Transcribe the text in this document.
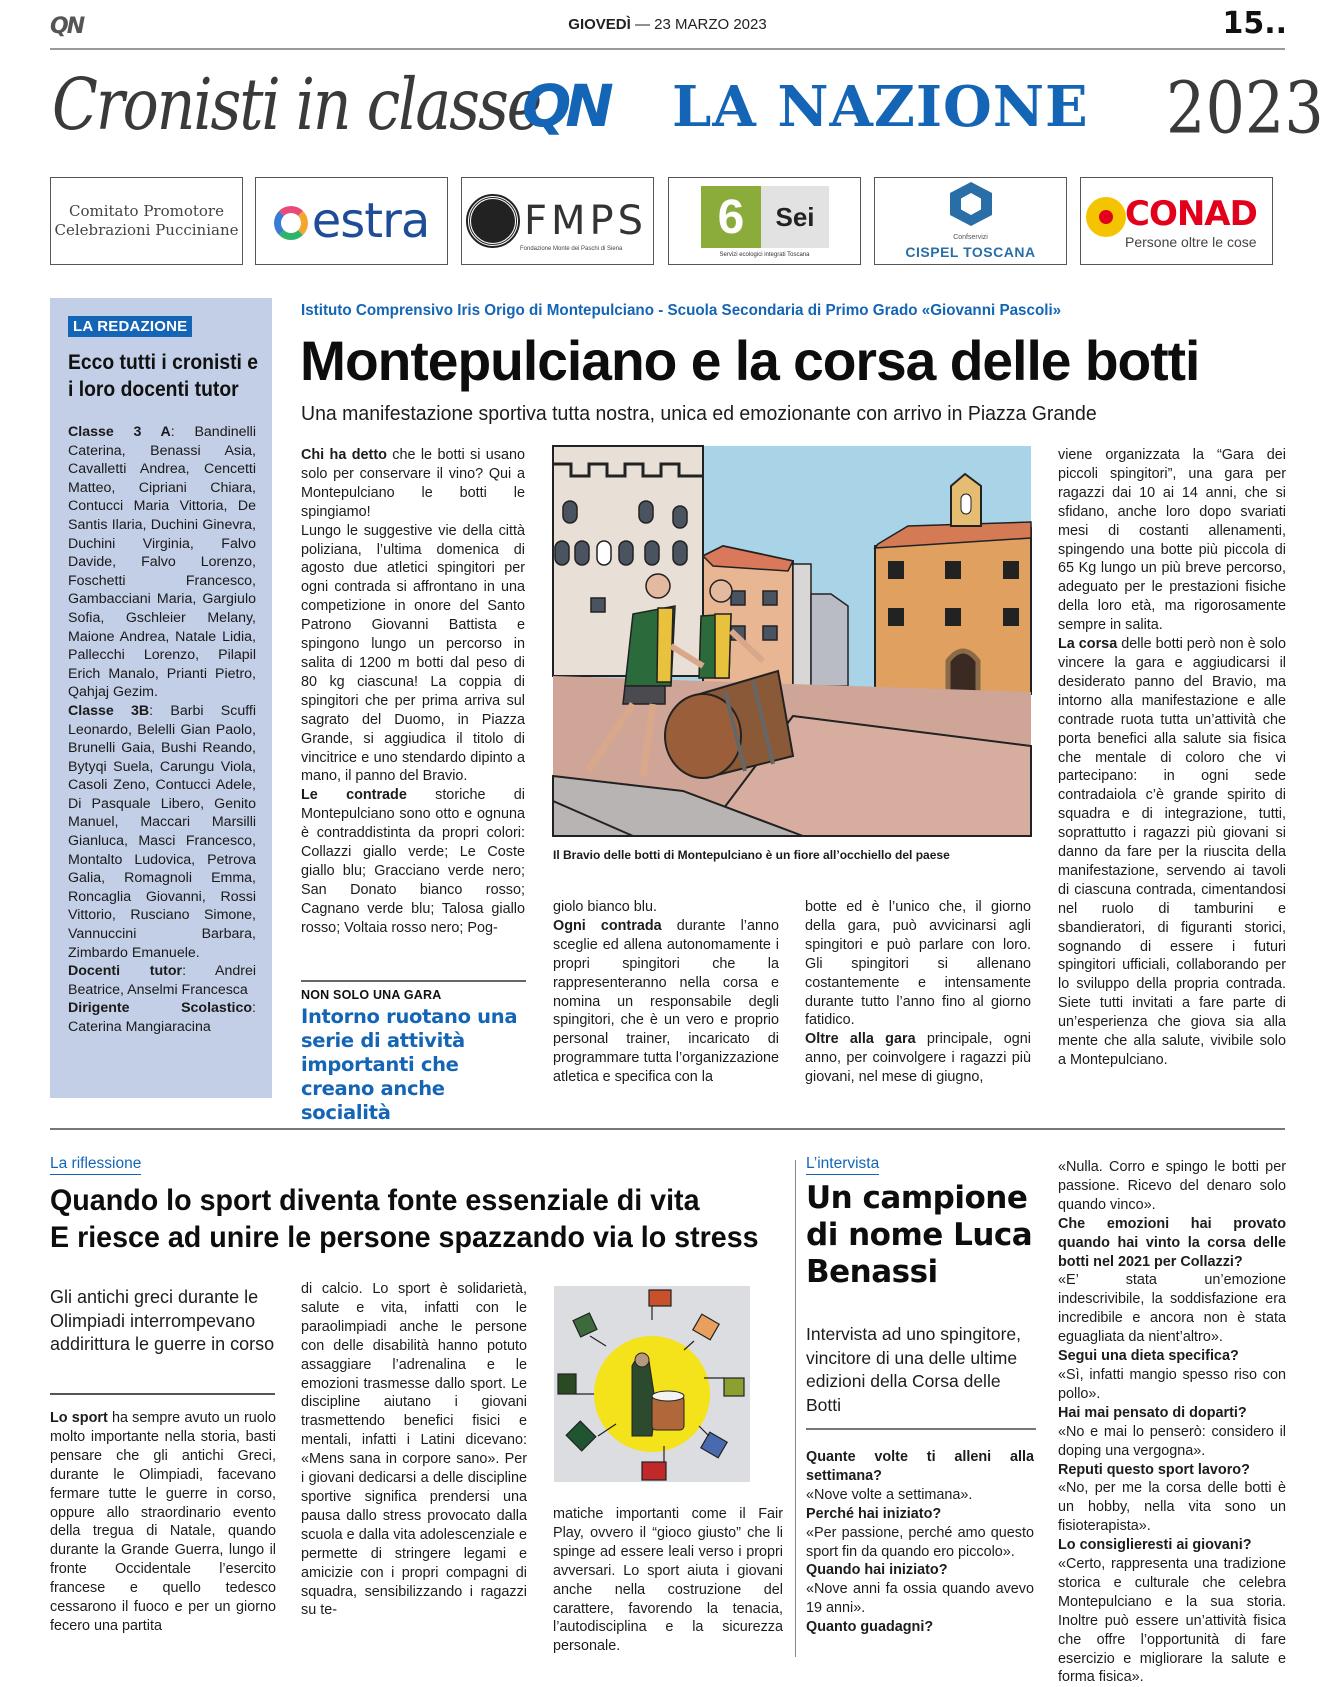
QN	GIOVEDÌ — 23 MARZO 2023	15..
Cronisti in classe
QN LA NAZIONE 2023
Comitato Promotore
Celebrazioni Pucciniane	estra FMPS
Fondazione Monte dei Paschi di Siena
6	Sei
Servizi ecologici integrati Toscana
Confservizi
CISPEL TOSCANA
CONAD
Persone oltre le cose
LA REDAZIONE
Ecco tutti i cronisti e i loro docenti tutor

Classe 3 A: Bandinelli Caterina, Benassi Asia, Cavalletti Andrea, Cencetti Matteo, Cipriani Chiara, Contucci Maria Vittoria, De Santis Ilaria, Duchini Ginevra, Duchini Virginia, Falvo Davide, Falvo Lorenzo, Foschetti Francesco, Gambacciani Maria, Gargiulo Sofia, Gschleier Melany, Maione Andrea, Natale Lidia, Pallecchi Lorenzo, Pilapil Erich Manalo, Prianti Pietro, Qahjaj Gezim.

Classe 3B: Barbi Scuffi Leonardo, Belelli Gian Paolo, Brunelli Gaia, Bushi Reando, Bytyqi Suela, Carungu Viola, Casoli Zeno, Contucci Adele, Di Pasquale Libero, Genito Manuel, Maccari Marsilli Gianluca, Masci Francesco, Montalto Ludovica, Petrova Galia, Romagnoli Emma, Roncaglia Giovanni, Rossi Vittorio, Rusciano Simone, Vannuccini Barbara, Zimbardo Emanuele.

Docenti tutor: Andrei Beatrice, Anselmi Francesca

Dirigente Scolastico: Caterina Mangiaracina

Istituto Comprensivo Iris Origo di Montepulciano - Scuola Secondaria di Primo Grado «Giovanni Pascoli»
Montepulciano e la corsa delle botti
Una manifestazione sportiva tutta nostra, unica ed emozionante con arrivo in Piazza Grande

Chi ha detto che le botti si usano solo per conservare il vino? Qui a Montepulciano le botti le spingiamo!

Lungo le suggestive vie della città poliziana, l’ultima domenica di agosto due atletici spingitori per ogni contrada si affrontano in una competizione in onore del Santo Patrono Giovanni Battista e spingono lungo un percorso in salita di 1200 m botti dal peso di 80 kg ciascuna! La coppia di spingitori che per prima arriva sul sagrato del Duomo, in Piazza Grande, si aggiudica il titolo di vincitrice e uno stendardo dipinto a mano, il panno del Bravio.

Le contrade storiche di Montepulciano sono otto e ognuna è contraddistinta da propri colori: Collazzi giallo verde; Le Coste giallo blu; Gracciano verde nero; San Donato bianco rosso; Cagnano verde blu; Talosa giallo rosso; Voltaia rosso nero; Pog-

NON SOLO UNA GARA
Intorno ruotano una serie di attività importanti che creano anche socialità
Il Bravio delle botti di Montepulciano è un fiore all’occhiello del paese

giolo bianco blu.

Ogni contrada durante l’anno sceglie ed allena autonomamente i propri spingitori che la rappresenteranno nella corsa e nomina un responsabile degli spingitori, che è un vero e proprio personal trainer, incaricato di programmare tutta l’organizzazione atletica e specifica con la

botte ed è l’unico che, il giorno della gara, può avvicinarsi agli spingitori e può parlare con loro. Gli spingitori si allenano costantemente e intensamente durante tutto l’anno fino al giorno fatidico.

Oltre alla gara principale, ogni anno, per coinvolgere i ragazzi più giovani, nel mese di giugno,

viene organizzata la “Gara dei piccoli spingitori”, una gara per ragazzi dai 10 ai 14 anni, che si sfidano, anche loro dopo svariati mesi di costanti allenamenti, spingendo una botte più piccola di 65 Kg lungo un più breve percorso, adeguato per le prestazioni fisiche della loro età, ma rigorosamente sempre in salita.

La corsa delle botti però non è solo vincere la gara e aggiudicarsi il desiderato panno del Bravio, ma intorno alla manifestazione e alle contrade ruota tutta un’attività che porta benefici alla salute sia fisica che mentale di coloro che vi partecipano: in ogni sede contradaiola c’è grande spirito di squadra e di integrazione, tutti, soprattutto i ragazzi più giovani si danno da fare per la riuscita della manifestazione, servendo ai tavoli di ciascuna contrada, cimentandosi nel ruolo di tamburini e sbandieratori, di figuranti storici, sognando di essere i futuri spingitori ufficiali, collaborando per lo sviluppo della propria contrada. Siete tutti invitati a fare parte di un’esperienza che giova sia alla mente che alla salute, vivibile solo a Montepulciano.

La riflessione
Quando lo sport diventa fonte essenziale di vita
E riesce ad unire le persone spazzando via lo stress
Gli antichi greci durante le Olimpiadi interrompevano addirittura le guerre in corso

Lo sport ha sempre avuto un ruolo molto importante nella storia, basti pensare che gli antichi Greci, durante le Olimpiadi, facevano fermare tutte le guerre in corso, oppure allo straordinario evento della tregua di Natale, quando durante la Grande Guerra, lungo il fronte Occidentale l’esercito francese e quello tedesco cessarono il fuoco e per un giorno fecero una partita

di calcio. Lo sport è solidarietà, salute e vita, infatti con le paraolimpiadi anche le persone con delle disabilità hanno potuto assaggiare l’adrenalina e le emozioni trasmesse dallo sport. Le discipline aiutano i giovani trasmettendo benefici fisici e mentali, infatti i Latini dicevano: «Mens sana in corpore sano». Per i giovani dedicarsi a delle discipline sportive significa prendersi una pausa dallo stress provocato dalla scuola e dalla vita adolescenziale e permette di stringere legami e amicizie con i propri compagni di squadra, sensibilizzando i ragazzi su te-

matiche importanti come il Fair Play, ovvero il “gioco giusto” che li spinge ad essere leali verso i propri avversari. Lo sport aiuta i giovani anche nella costruzione del carattere, favorendo la tenacia, l’autodisciplina e la sicurezza personale.

L’intervista
Un campione di nome Luca Benassi
Intervista ad uno spingitore, vincitore di una delle ultime edizioni della Corsa delle Botti

Quante volte ti alleni alla settimana?

«Nove volte a settimana».

Perché hai iniziato?

«Per passione, perché amo questo sport fin da quando ero piccolo».

Quando hai iniziato?

«Nove anni fa ossia quando avevo 19 anni».

Quanto guadagni?

«Nulla. Corro e spingo le botti per passione. Ricevo del denaro solo quando vinco».

Che emozioni hai provato quando hai vinto la corsa delle botti nel 2021 per Collazzi?

«E’ stata un’emozione indescrivibile, la soddisfazione era incredibile e ancora non è stata eguagliata da nient’altro».

Segui una dieta specifica?

«Sì, infatti mangio spesso riso con pollo».

Hai mai pensato di doparti?

«No e mai lo penserò: considero il doping una vergogna».

Reputi questo sport lavoro?

«No, per me la corsa delle botti è un hobby, nella vita sono un fisioterapista».

Lo consiglieresti ai giovani?

«Certo, rappresenta una tradizione storica e culturale che celebra Montepulciano e la sua storia. Inoltre può essere un’attività fisica che offre l’opportunità di fare esercizio e migliorare la salute e forma fisica».
